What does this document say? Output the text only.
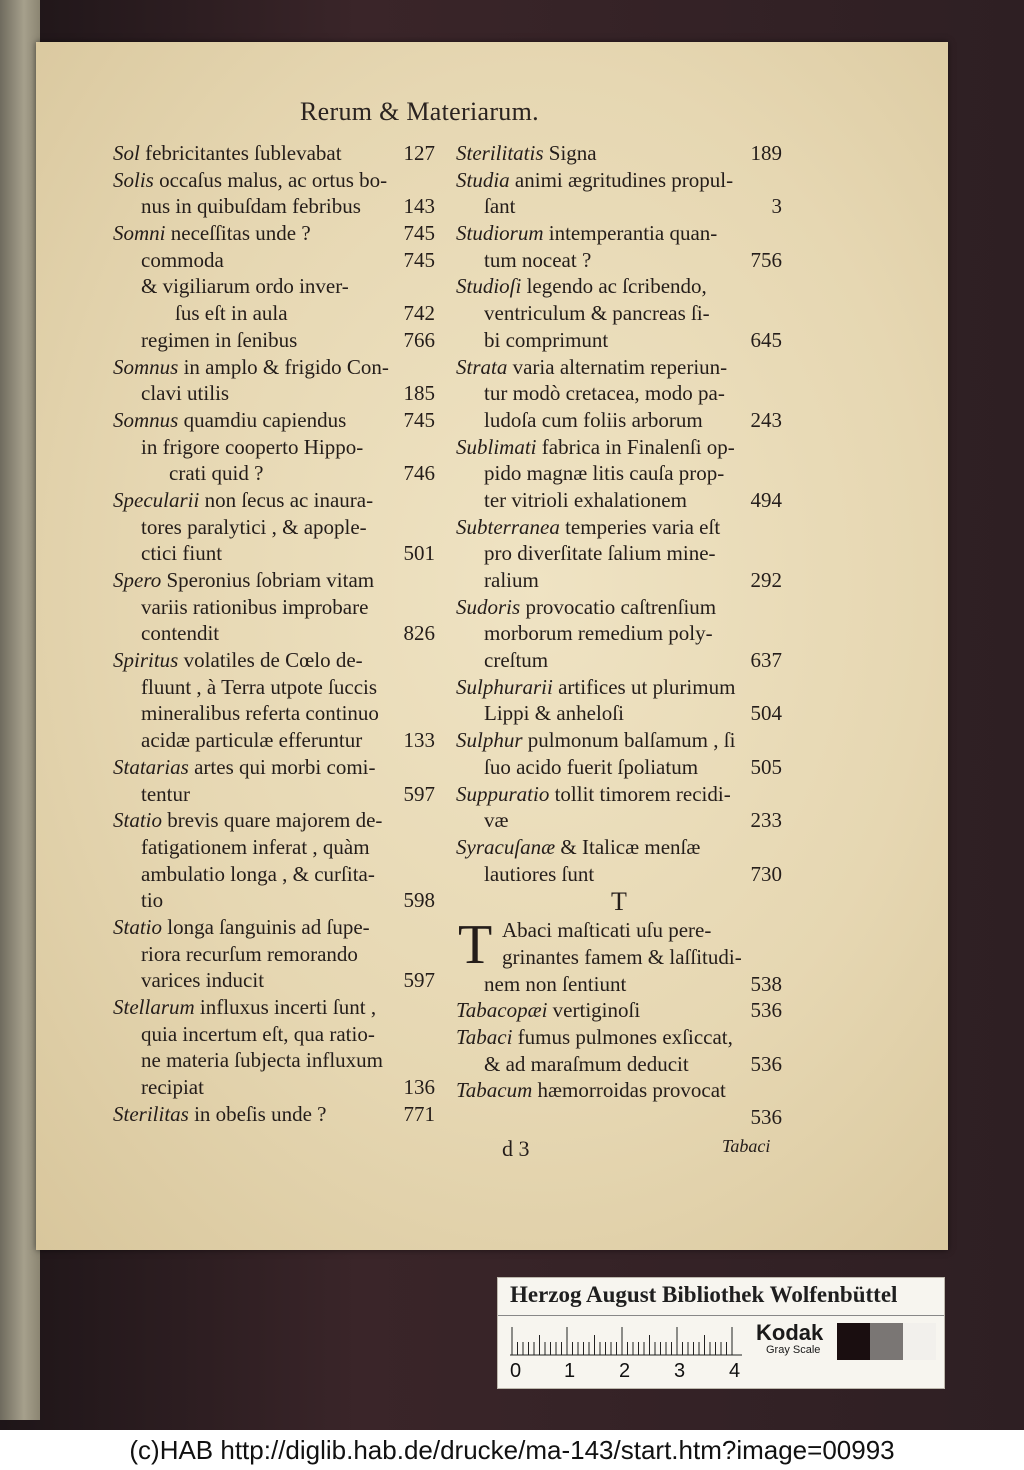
Rerum & Materiarum.
Sol febricitantes ſublevabat	127
Solis occaſus malus, ac ortus bo-
nus in quibuſdam febribus 143
Somni neceſſitas unde ?	745
commoda	745
& vigiliarum ordo inver-
ſus eſt in aula	742
regimen in ſenibus	766
Somnus in amplo & frigido Con-
clavi utilis	185
Somnus quamdiu capiendus	745
in frigore cooperto Hippo-
crati quid ?	746
Specularii non ſecus ac inaura-
tores paralytici , & apople-
ctici fiunt	501
Spero Speronius ſobriam vitam
variis rationibus improbare
contendit	826
Spiritus volatiles de Cœlo de-
fluunt , à Terra utpote ſuccis
mineralibus referta continuo
acidæ particulæ efferuntur 133
Statarias artes qui morbi comi-
tentur	597
Statio brevis quare majorem de-
fatigationem inferat , quàm
ambulatio longa , & curſita-
tio	598
Statio longa ſanguinis ad ſupe-
riora recurſum remorando
varices inducit	597
Stellarum influxus incerti ſunt ,
quia incertum eſt, qua ratio-
ne materia ſubjecta influxum
recipiat	136
Sterilitas in obeſis unde ?	771
Sterilitatis Signa	189
Studia animi ægritudines propul-
ſant	3
Studiorum intemperantia quan-
tum noceat ?	756
Studioſi legendo ac ſcribendo,
ventriculum & pancreas ſi-
bi comprimunt	645
Strata varia alternatim reperiun-
tur modò cretacea, modo pa-
ludoſa cum foliis arborum 243
Sublimati fabrica in Finalenſi op-
pido magnæ litis cauſa prop-
ter vitrioli exhalationem	494
Subterranea temperies varia eſt
pro diverſitate ſalium mine-
ralium	292
Sudoris provocatio caſtrenſium
morborum remedium poly-
creſtum	637
Sulphurarii artifices ut plurimum
Lippi & anheloſi	504
Sulphur pulmonum balſamum , ſi
ſuo acido fuerit ſpoliatum 505
Suppuratio tollit timorem recidi-
væ	233
Syracuſanæ & Italicæ menſæ
lautiores ſunt	730
T
T Abaci maſticati uſu pere-
grinantes famem & laſſitudi-
nem non ſentiunt	538
Tabacopæi vertiginoſi	536
Tabaci fumus pulmones exſiccat,
& ad maraſmum deducit	536
Tabacum hæmorroidas provocat
536
d 3	Tabaci
Herzog August Bibliothek Wolfenbüttel
0 1 2 3 4
Kodak
Gray Scale
(c)HAB http://diglib.hab.de/drucke/ma-143/start.htm?image=00993
